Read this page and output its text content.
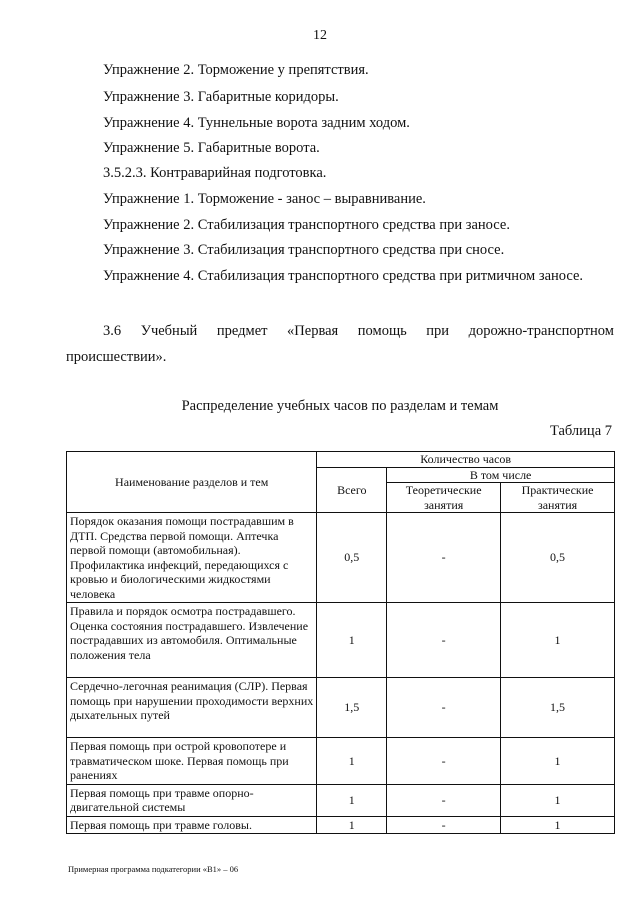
12
Упражнение 2. Торможение у препятствия.
Упражнение 3. Габаритные коридоры.
Упражнение 4. Туннельные ворота задним ходом.
Упражнение 5. Габаритные ворота.
3.5.2.3. Контраварийная подготовка.
Упражнение 1. Торможение - занос – выравнивание.
Упражнение 2. Стабилизация транспортного средства при заносе.
Упражнение 3. Стабилизация транспортного средства при сносе.
Упражнение 4. Стабилизация транспортного средства при ритмичном заносе.
3.6 Учебный предмет «Первая помощь при дорожно-транспортном
происшествии».
Распределение учебных часов по разделам и темам
Таблица 7
Наименование разделов и тем	Количество часов		
	Всего	В том числе	
		Теоретические занятия	Практические занятия
Порядок оказания помощи пострадавшим в ДТП. Средства первой помощи. Аптечка первой помощи (автомобильная). Профилактика инфекций, передающихся с кровью и биологическими жидкостями человека	0,5	-	0,5
Правила и порядок осмотра пострадавшего. Оценка состояния пострадавшего. Извлечение пострадавших из автомобиля. Оптимальные положения тела	1	-	1
Сердечно-легочная реанимация (СЛР). Первая помощь при нарушении проходимости верхних дыхательных путей	1,5	-	1,5
Первая помощь при острой кровопотере и травматическом шоке. Первая помощь при ранениях	1	-	1
Первая помощь при травме опорно-двигательной системы	1	-	1
Первая помощь при травме головы.	1	-	1
Примерная программа подкатегории «В1» – 06
